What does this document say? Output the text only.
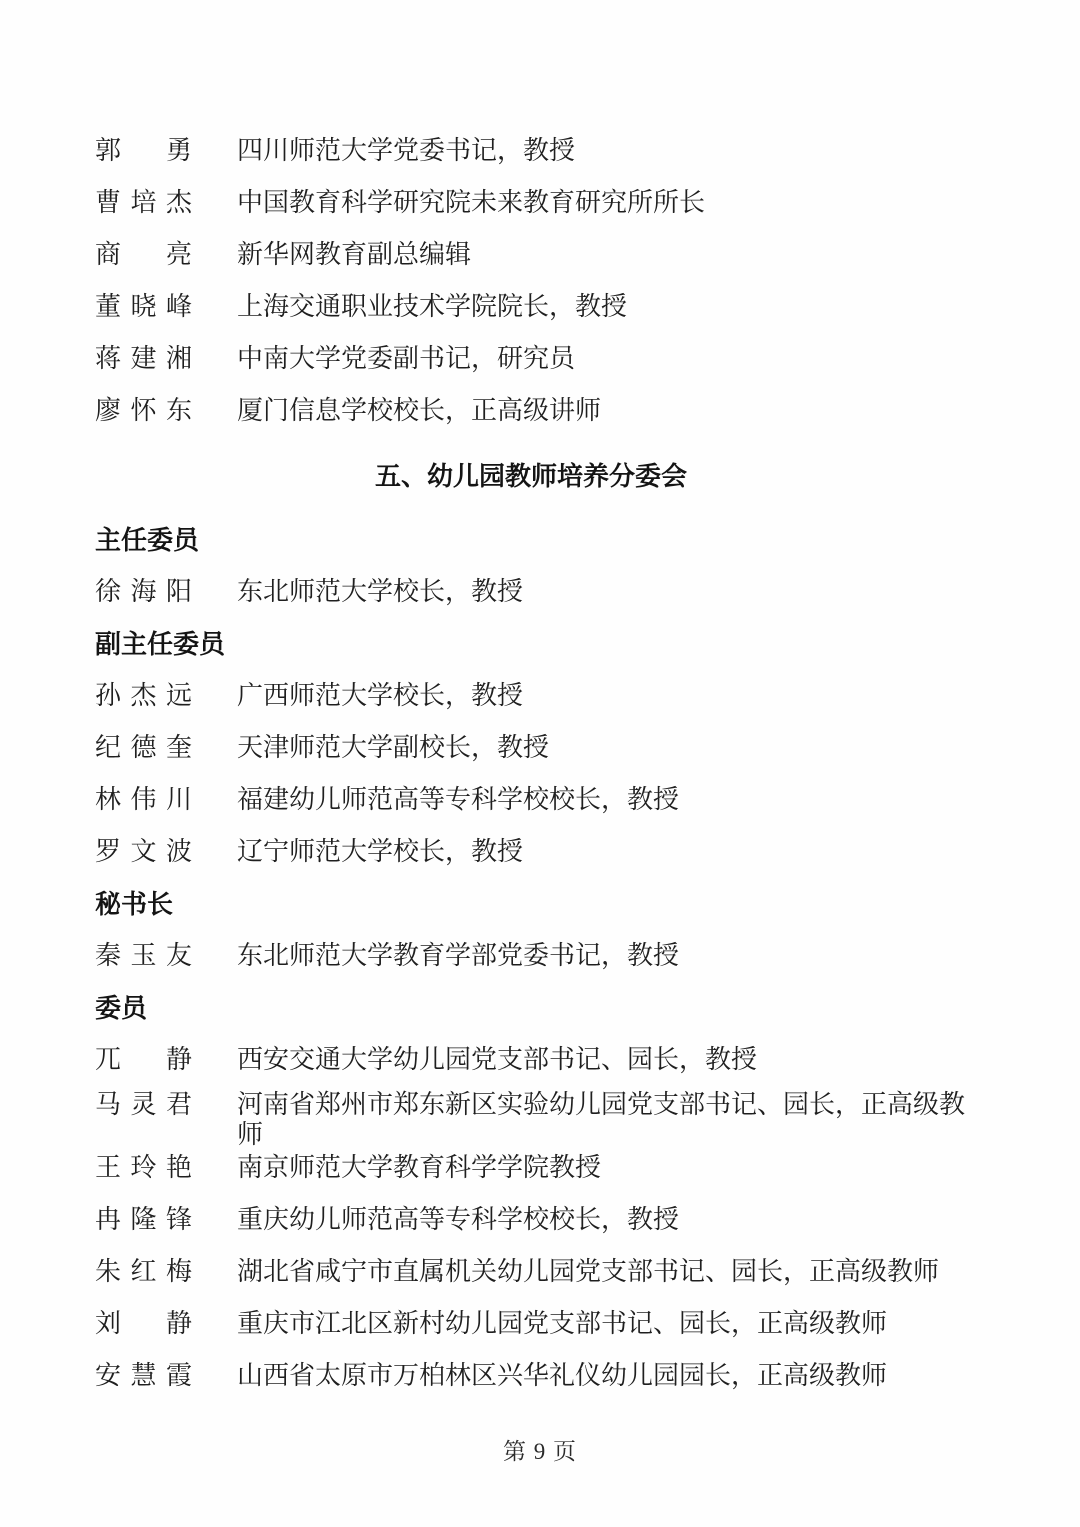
郭勇 四川师范大学党委书记，教授
曹培杰 中国教育科学研究院未来教育研究所所长
商亮 新华网教育副总编辑
董晓峰 上海交通职业技术学院院长，教授
蒋建湘 中南大学党委副书记，研究员
廖怀东 厦门信息学校校长，正高级讲师
五、幼儿园教师培养分委会
主任委员
徐海阳 东北师范大学校长，教授
副主任委员
孙杰远 广西师范大学校长，教授
纪德奎 天津师范大学副校长，教授
林伟川 福建幼儿师范高等专科学校校长，教授
罗文波 辽宁师范大学校长，教授
秘书长
秦玉友 东北师范大学教育学部党委书记，教授
委员
兀静 西安交通大学幼儿园党支部书记、园长，教授
马灵君 河南省郑州市郑东新区实验幼儿园党支部书记、园长，正高级教师
王玲艳 南京师范大学教育科学学院教授
冉隆锋 重庆幼儿师范高等专科学校校长，教授
朱红梅 湖北省咸宁市直属机关幼儿园党支部书记、园长，正高级教师
刘静 重庆市江北区新村幼儿园党支部书记、园长，正高级教师
安慧霞 山西省太原市万柏林区兴华礼仪幼儿园园长，正高级教师
第 9 页
